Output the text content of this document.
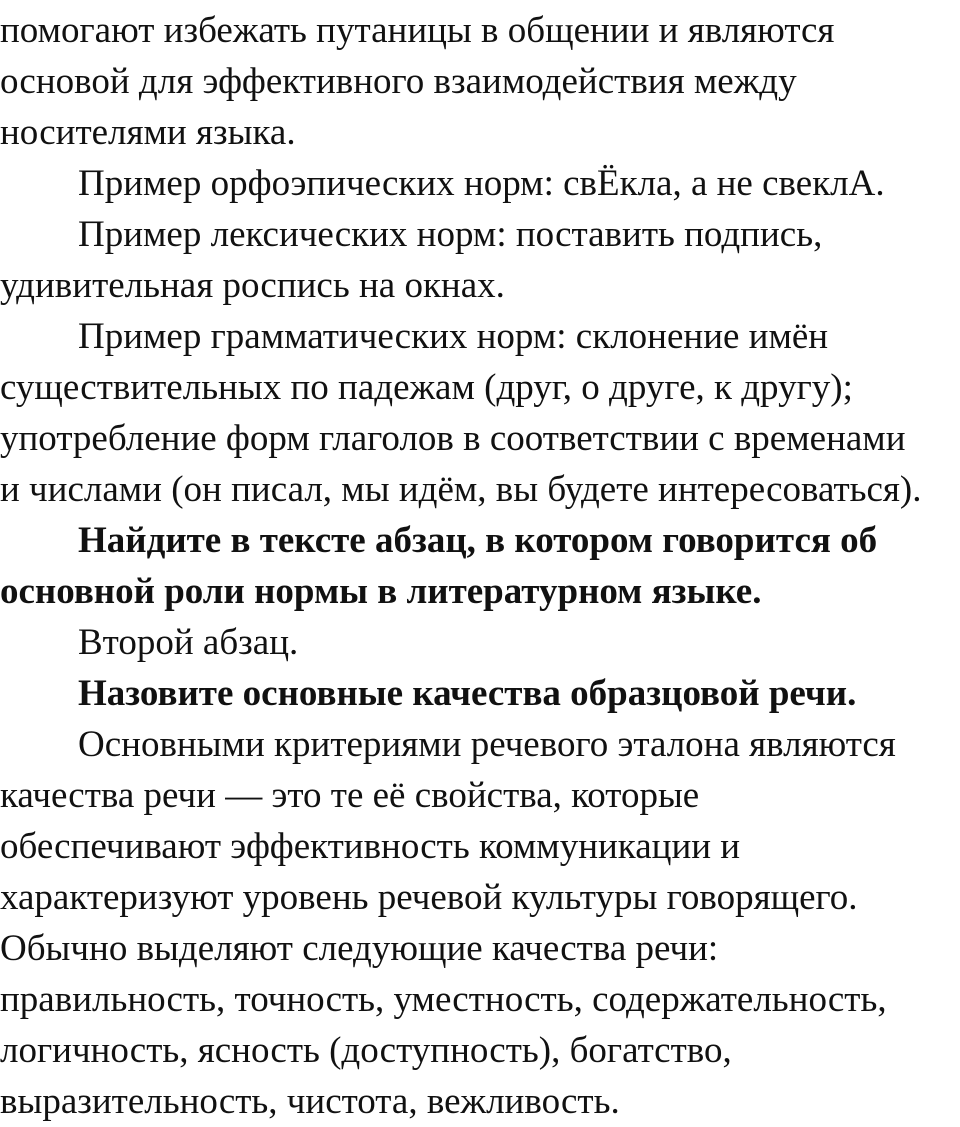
помогают избежать путаницы в общении и являются
основой для эффективного взаимодействия между
носителями языка.
Пример орфоэпических норм: свЁкла, а не свеклА.
Пример лексических норм: поставить подпись,
удивительная роспись на окнах.
Пример грамматических норм: склонение имён
существительных по падежам (друг, о друге, к другу);
употребление форм глаголов в соответствии с временами
и числами (он писал, мы идём, вы будете интересоваться).
Найдите в тексте абзац, в котором говорится об
основной роли нормы в литературном языке.
Второй абзац.
Назовите основные качества образцовой речи.
Основными критериями речевого эталона являются
качества речи — это те её свойства, которые
обеспечивают эффективность коммуникации и
характеризуют уровень речевой культуры говорящего.
Обычно выделяют следующие качества речи:
правильность, точность, уместность, содержательность,
логичность, ясность (доступность), богатство,
выразительность, чистота, вежливость.
